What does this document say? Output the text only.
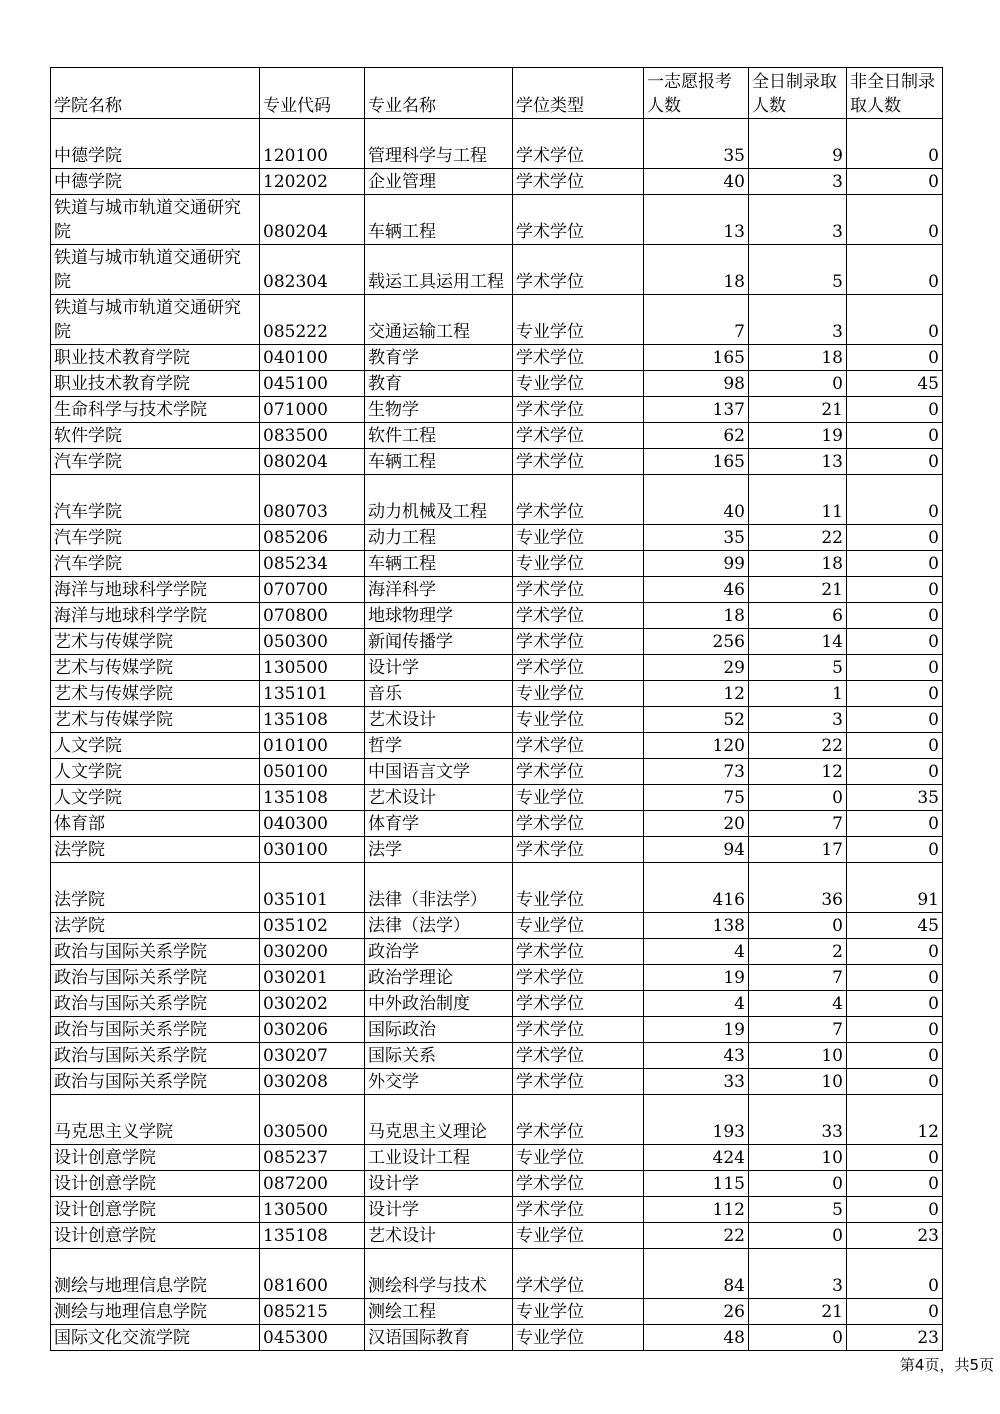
学院名称	专业代码	专业名称	学位类型	一志愿报考人数	全日制录取人数	非全日制录取人数
中德学院	120100	管理科学与工程	学术学位	35	9	0
中德学院	120202	企业管理	学术学位	40	3	0
铁道与城市轨道交通研究院	080204	车辆工程	学术学位	13	3	0
铁道与城市轨道交通研究院	082304	载运工具运用工程	学术学位	18	5	0
铁道与城市轨道交通研究院	085222	交通运输工程	专业学位	7	3	0
职业技术教育学院	040100	教育学	学术学位	165	18	0
职业技术教育学院	045100	教育	专业学位	98	0	45
生命科学与技术学院	071000	生物学	学术学位	137	21	0
软件学院	083500	软件工程	学术学位	62	19	0
汽车学院	080204	车辆工程	学术学位	165	13	0
汽车学院	080703	动力机械及工程	学术学位	40	11	0
汽车学院	085206	动力工程	专业学位	35	22	0
汽车学院	085234	车辆工程	专业学位	99	18	0
海洋与地球科学学院	070700	海洋科学	学术学位	46	21	0
海洋与地球科学学院	070800	地球物理学	学术学位	18	6	0
艺术与传媒学院	050300	新闻传播学	学术学位	256	14	0
艺术与传媒学院	130500	设计学	学术学位	29	5	0
艺术与传媒学院	135101	音乐	专业学位	12	1	0
艺术与传媒学院	135108	艺术设计	专业学位	52	3	0
人文学院	010100	哲学	学术学位	120	22	0
人文学院	050100	中国语言文学	学术学位	73	12	0
人文学院	135108	艺术设计	专业学位	75	0	35
体育部	040300	体育学	学术学位	20	7	0
法学院	030100	法学	学术学位	94	17	0
法学院	035101	法律（非法学）	专业学位	416	36	91
法学院	035102	法律（法学）	专业学位	138	0	45
政治与国际关系学院	030200	政治学	学术学位	4	2	0
政治与国际关系学院	030201	政治学理论	学术学位	19	7	0
政治与国际关系学院	030202	中外政治制度	学术学位	4	4	0
政治与国际关系学院	030206	国际政治	学术学位	19	7	0
政治与国际关系学院	030207	国际关系	学术学位	43	10	0
政治与国际关系学院	030208	外交学	学术学位	33	10	0
马克思主义学院	030500	马克思主义理论	学术学位	193	33	12
设计创意学院	085237	工业设计工程	专业学位	424	10	0
设计创意学院	087200	设计学	学术学位	115	0	0
设计创意学院	130500	设计学	学术学位	112	5	0
设计创意学院	135108	艺术设计	专业学位	22	0	23
测绘与地理信息学院	081600	测绘科学与技术	学术学位	84	3	0
测绘与地理信息学院	085215	测绘工程	专业学位	26	21	0
国际文化交流学院	045300	汉语国际教育	专业学位	48	0	23
第4页，共5页
